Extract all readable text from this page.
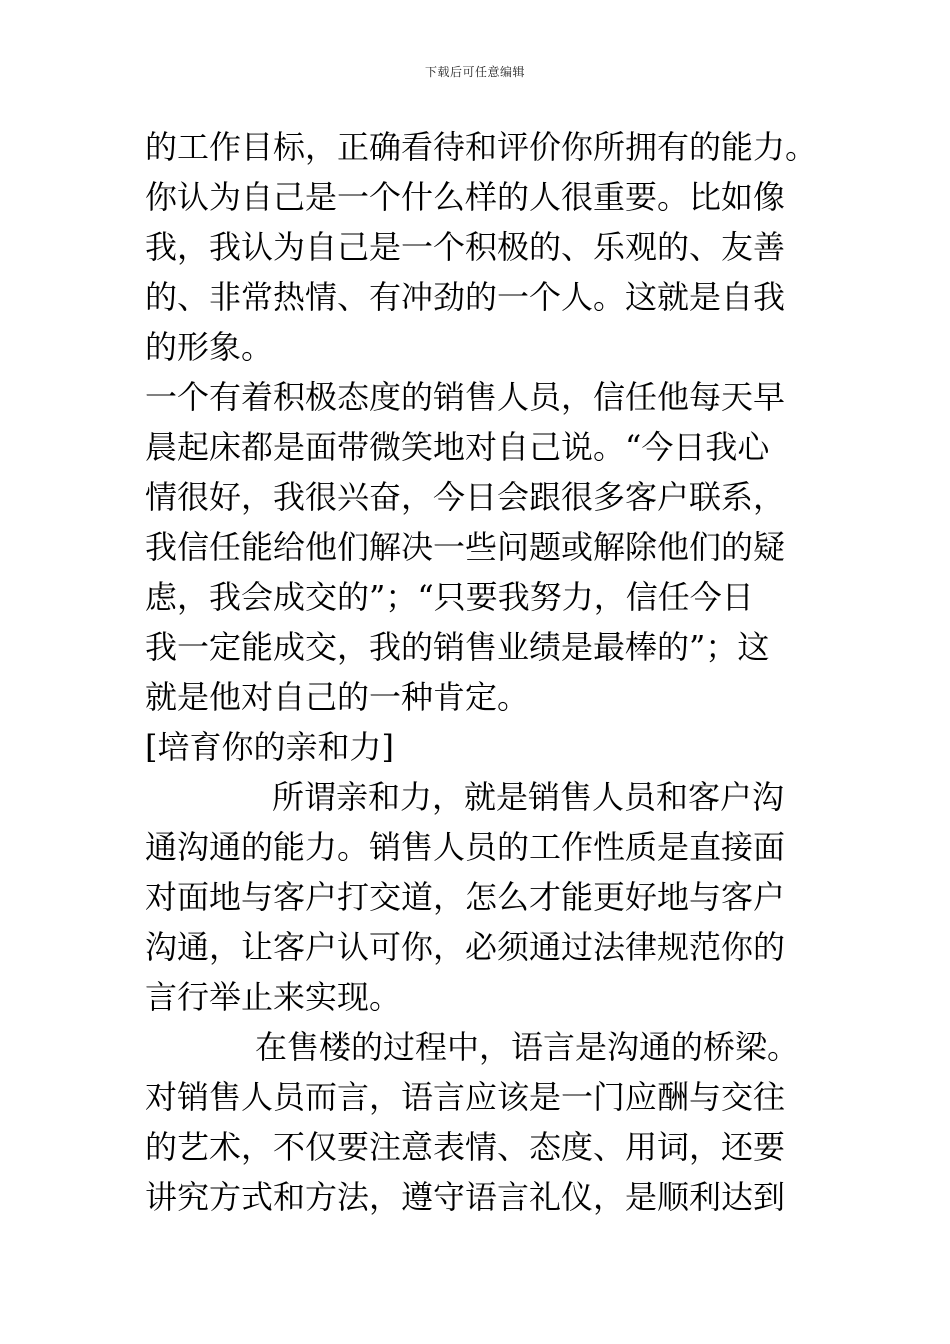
下载后可任意编辑
的工作目标，正确看待和评价你所拥有的能力。
你认为自己是一个什么样的人很重要。比如像
我，我认为自己是一个积极的、乐观的、友善
的、非常热情、有冲劲的一个人。这就是自我
的形象。
一个有着积极态度的销售人员，信任他每天早
晨起床都是面带微笑地对自己说。“今日我心
情很好，我很兴奋，今日会跟很多客户联系，
我信任能给他们解决一些问题或解除他们的疑
虑，我会成交的”；“只要我努力，信任今日
我一定能成交，我的销售业绩是最棒的”；这
就是他对自己的一种肯定。
[培育你的亲和力]
所谓亲和力，就是销售人员和客户沟
通沟通的能力。销售人员的工作性质是直接面
对面地与客户打交道，怎么才能更好地与客户
沟通，让客户认可你，必须通过法律规范你的
言行举止来实现。
在售楼的过程中，语言是沟通的桥梁。
对销售人员而言，语言应该是一门应酬与交往
的艺术，不仅要注意表情、态度、用词，还要
讲究方式和方法，遵守语言礼仪，是顺利达到
